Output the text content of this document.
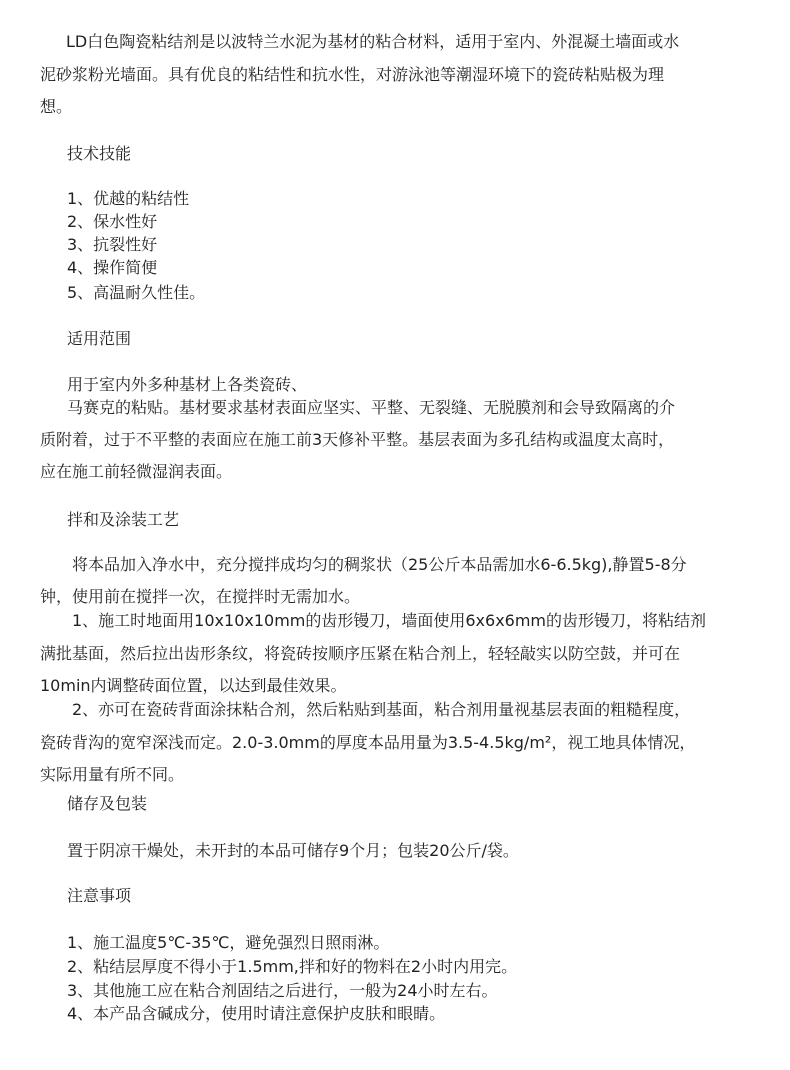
LD白色陶瓷粘结剂是以波特兰水泥为基材的粘合材料，适用于室内、外混凝土墙面或水
泥砂浆粉光墙面。具有优良的粘结性和抗水性，对游泳池等潮湿环境下的瓷砖粘贴极为理
想。
技术技能
1、优越的粘结性
2、保水性好
3、抗裂性好
4、操作简便
5、高温耐久性佳。
适用范围
用于室内外多种基材上各类瓷砖、
马赛克的粘贴。基材要求基材表面应坚实、平整、无裂缝、无脱膜剂和会导致隔离的介
质附着，过于不平整的表面应在施工前3天修补平整。基层表面为多孔结构或温度太高时，
应在施工前轻微湿润表面。
拌和及涂装工艺
将本品加入净水中，充分搅拌成均匀的稠浆状（25公斤本品需加水6-6.5kg),静置5-8分
钟，使用前在搅拌一次，在搅拌时无需加水。
1、施工时地面用10x10x10mm的齿形镘刀，墙面使用6x6x6mm的齿形镘刀，将粘结剂
满批基面，然后拉出齿形条纹，将瓷砖按顺序压紧在粘合剂上，轻轻敲实以防空鼓，并可在
10min内调整砖面位置，以达到最佳效果。
2、亦可在瓷砖背面涂抹粘合剂，然后粘贴到基面，粘合剂用量视基层表面的粗糙程度，
瓷砖背沟的宽窄深浅而定。2.0-3.0mm的厚度本品用量为3.5-4.5kg/m²，视工地具体情况，
实际用量有所不同。
储存及包装
置于阴凉干燥处，未开封的本品可储存9个月；包装20公斤/袋。
注意事项
1、施工温度5℃-35℃，避免强烈日照雨淋。
2、粘结层厚度不得小于1.5mm,拌和好的物料在2小时内用完。
3、其他施工应在粘合剂固结之后进行，一般为24小时左右。
4、本产品含碱成分，使用时请注意保护皮肤和眼睛。
